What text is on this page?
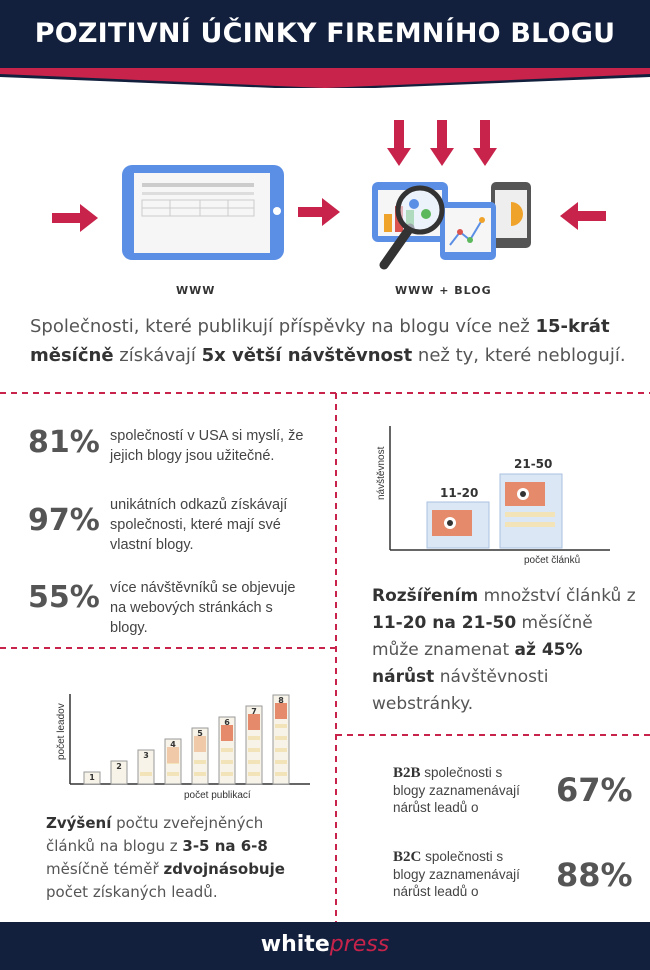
POZITIVNÍ ÚČINKY FIREMNÍHO BLOGU
WWW	WWW + BLOG
Společnosti, které publikují příspěvky na blogu více než 15-krát měsíčně získávají 5x větší návštěvnost než ty, které neblogují.
81% společností v USA si myslí, že
jejich blogy jsou užitečné.
97% unikátních odkazů získávají
společnosti, které mají své
vlastní blogy.
55% více návštěvníků se objevuje
na webových stránkách s
blogy.
návštěvnost
počet článků
11-20
21-50
Rozšířením množství článků z 11-20 na 21-50 měsíčně může znamenat až 45% nárůst návštěvnosti webstránky.
počet leadov
počet publikací
1
2
3
4
5
6
7
8
Zvýšení počtu zveřejněných článků na blogu z 3-5 na 6-8 měsíčně téměř zdvojnásobuje počet získaných leadů.
B2B společnosti s
blogy zaznamenávají
nárůst leadů o	67%
B2C společnosti s
blogy zaznamenávají
nárůst leadů o	88%
whitepress
